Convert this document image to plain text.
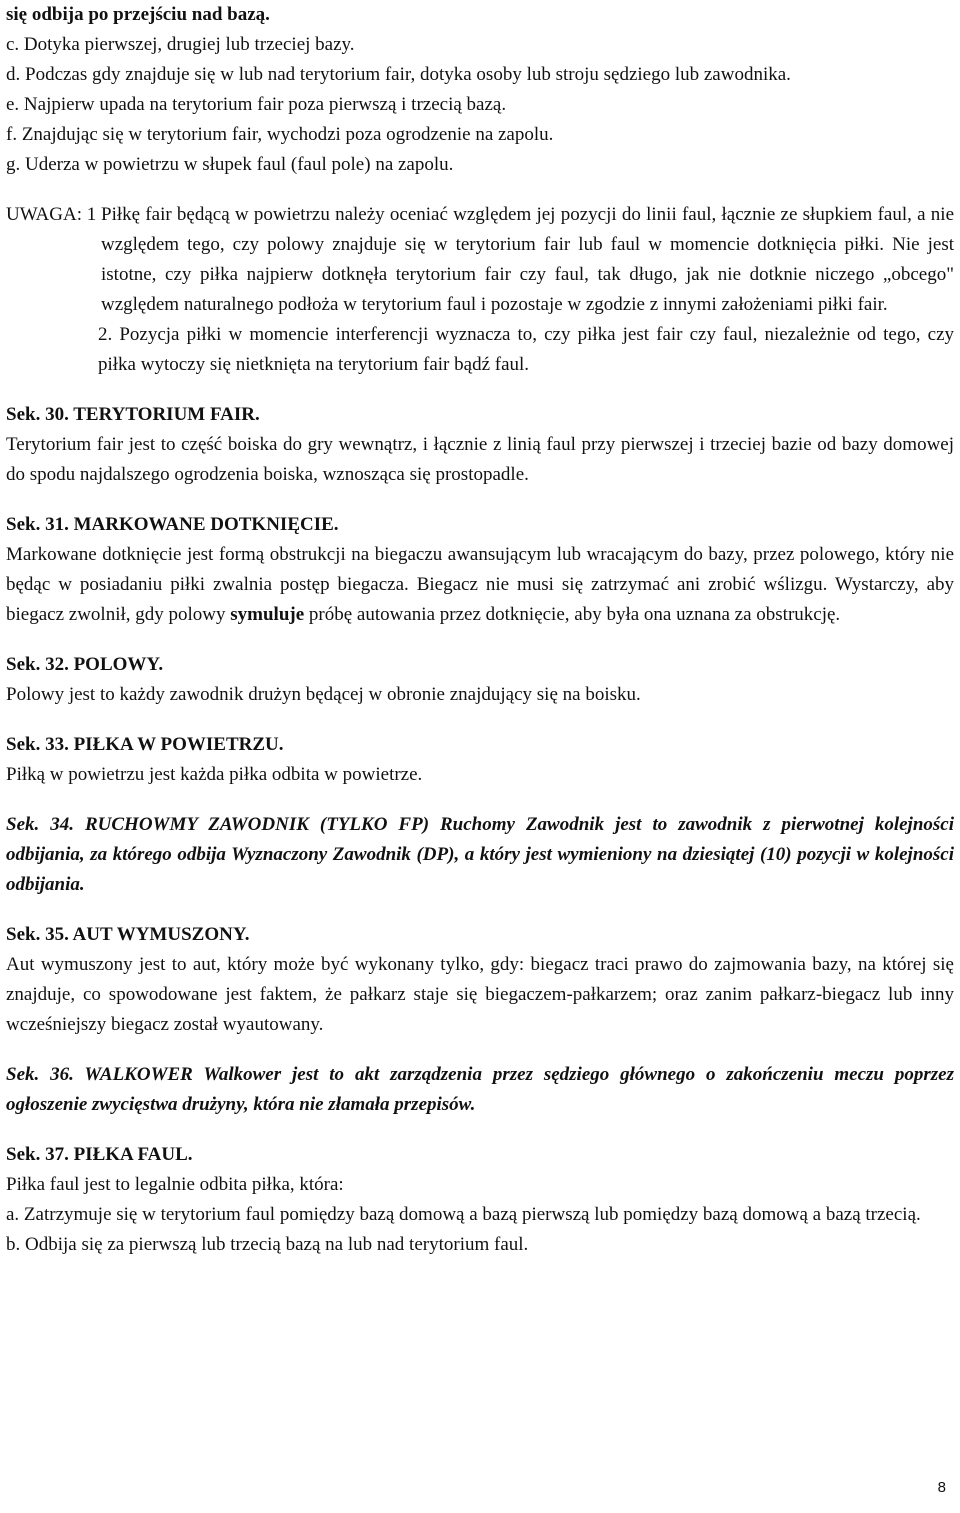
się odbija po przejściu nad bazą.

c. Dotyka pierwszej, drugiej lub trzeciej bazy.

d. Podczas gdy znajduje się w lub nad terytorium fair, dotyka osoby lub stroju sędziego lub zawodnika.

e. Najpierw upada na terytorium fair poza pierwszą i trzecią bazą.

f. Znajdując się w terytorium fair, wychodzi poza ogrodzenie na zapolu.

g. Uderza w powietrzu w słupek faul (faul pole) na zapolu.

UWAGA: 1 Piłkę fair będącą w powietrzu należy oceniać względem jej pozycji do linii faul, łącznie ze słupkiem faul, a nie względem tego, czy polowy znajduje się w terytorium fair lub faul w momencie dotknięcia piłki. Nie jest istotne, czy piłka najpierw dotknęła terytorium fair czy faul, tak długo, jak nie dotknie niczego „obcego" względem naturalnego podłoża w terytorium faul i pozostaje w zgodzie z innymi założeniami piłki fair.

2. Pozycja piłki w momencie interferencji wyznacza to, czy piłka jest fair czy faul, niezależnie od tego, czy piłka wytoczy się nietknięta na terytorium fair bądź faul.

Sek. 30. TERYTORIUM FAIR.

Terytorium fair jest to część boiska do gry wewnątrz, i łącznie z linią faul przy pierwszej i trzeciej bazie od bazy domowej do spodu najdalszego ogrodzenia boiska, wznosząca się prostopadle.

Sek. 31. MARKOWANE DOTKNIĘCIE.

Markowane dotknięcie jest formą obstrukcji na biegaczu awansującym lub wracającym do bazy, przez polowego, który nie będąc w posiadaniu piłki zwalnia postęp biegacza. Biegacz nie musi się zatrzymać ani zrobić wślizgu. Wystarczy, aby biegacz zwolnił, gdy polowy symuluje próbę autowania przez dotknięcie, aby była ona uznana za obstrukcję.

Sek. 32. POLOWY.

Polowy jest to każdy zawodnik drużyn będącej w obronie znajdujący się na boisku.

Sek. 33. PIŁKA W POWIETRZU.

Piłką w powietrzu jest każda piłka odbita w powietrze.

Sek. 34. RUCHOWMY ZAWODNIK (TYLKO FP) Ruchomy Zawodnik jest to zawodnik z pierwotnej kolejności odbijania, za którego odbija Wyznaczony Zawodnik (DP), a który jest wymieniony na dziesiątej (10) pozycji w kolejności odbijania.

Sek. 35. AUT WYMUSZONY.

Aut wymuszony jest to aut, który może być wykonany tylko, gdy: biegacz traci prawo do zajmowania bazy, na której się znajduje, co spowodowane jest faktem, że pałkarz staje się biegaczem-pałkarzem; oraz zanim pałkarz-biegacz lub inny wcześniejszy biegacz został wyautowany.

Sek. 36. WALKOWER Walkower jest to akt zarządzenia przez sędziego głównego o zakończeniu meczu poprzez ogłoszenie zwycięstwa drużyny, która nie złamała przepisów.

Sek. 37. PIŁKA FAUL.

Piłka faul jest to legalnie odbita piłka, która:

a. Zatrzymuje się w terytorium faul pomiędzy bazą domową a bazą pierwszą lub pomiędzy bazą domową a bazą trzecią.

b. Odbija się za pierwszą lub trzecią bazą na lub nad terytorium faul.

8
